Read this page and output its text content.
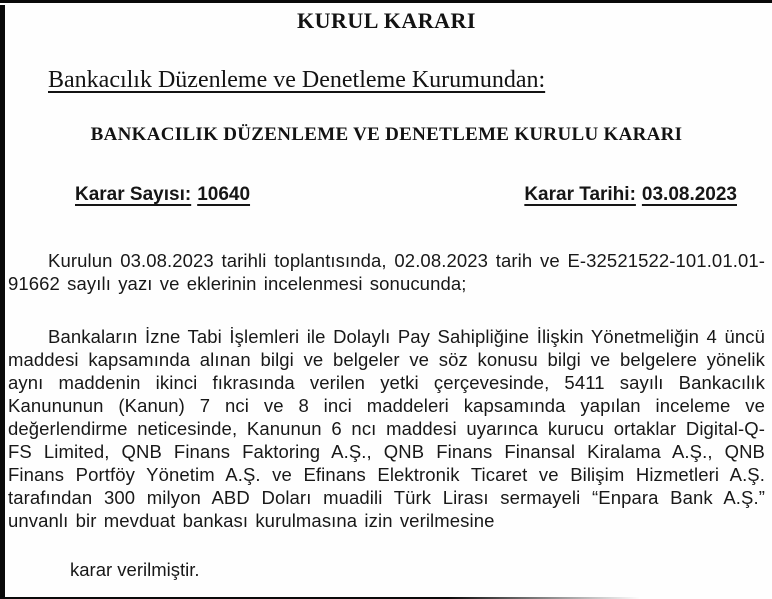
KURUL KARARI
Bankacılık Düzenleme ve Denetleme Kurumundan:
BANKACILIK DÜZENLEME VE DENETLEME KURULU KARARI
Karar Sayısı: 10640	Karar Tarihi: 03.08.2023

Kurulun 03.08.2023 tarihli toplantısında, 02.08.2023 tarih ve E-32521522-101.01.01-91662 sayılı yazı ve eklerinin incelenmesi sonucunda;

Bankaların İzne Tabi İşlemleri ile Dolaylı Pay Sahipliğine İlişkin Yönetmeliğin 4 üncü maddesi kapsamında alınan bilgi ve belgeler ve söz konusu bilgi ve belgelere yönelik aynı maddenin ikinci fıkrasında verilen yetki çerçevesinde, 5411 sayılı Bankacılık Kanununun (Kanun) 7 nci ve 8 inci maddeleri kapsamında yapılan inceleme ve değerlendirme neticesinde, Kanunun 6 ncı maddesi uyarınca kurucu ortaklar Digital-Q-FS Limited, QNB Finans Faktoring A.Ş., QNB Finans Finansal Kiralama A.Ş., QNB Finans Portföy Yönetim A.Ş. ve Efinans Elektronik Ticaret ve Bilişim Hizmetleri A.Ş. tarafından 300 milyon ABD Doları muadili Türk Lirası sermayeli “Enpara Bank A.Ş.” unvanlı bir mevduat bankası kurulmasına izin verilmesine

karar verilmiştir.
